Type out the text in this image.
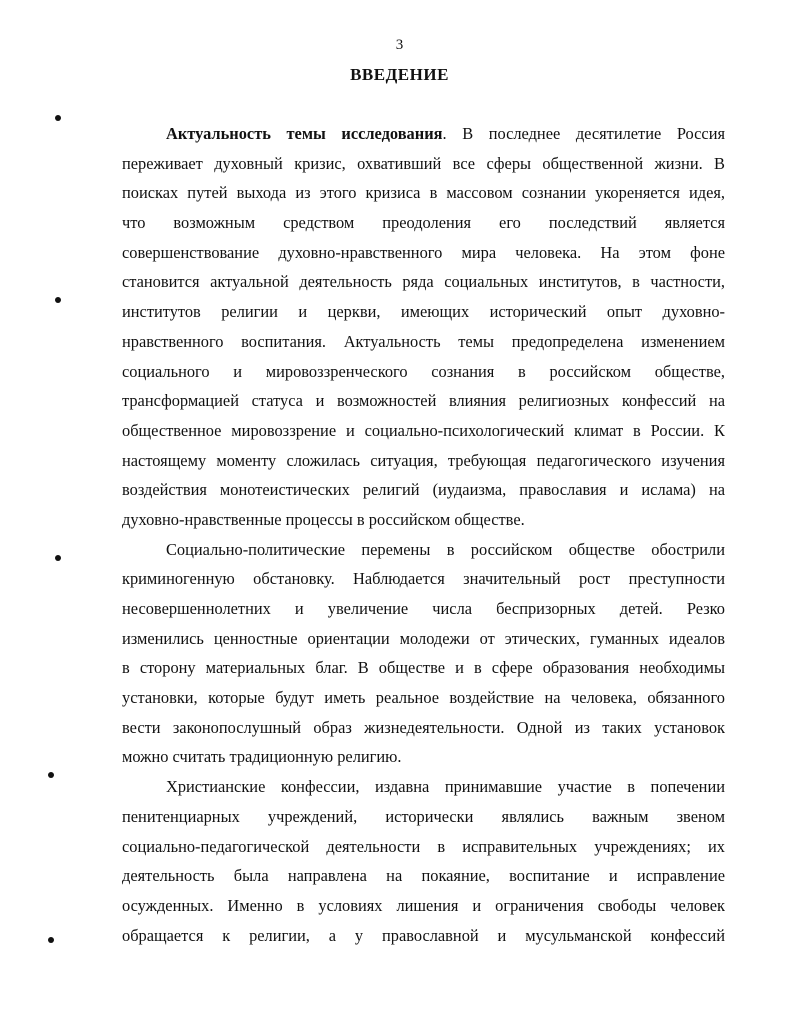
3
ВВЕДЕНИЕ
Актуальность темы исследования. В последнее десятилетие Россия
переживает духовный кризис, охвативший все сферы общественной жизни. В
поисках путей выхода из этого кризиса в массовом сознании укореняется идея,
что возможным средством преодоления его последствий является
совершенствование духовно-нравственного мира человека. На этом фоне
становится актуальной деятельность ряда социальных институтов, в частности,
институтов религии и церкви, имеющих исторический опыт духовно-
нравственного воспитания. Актуальность темы предопределена изменением
социального и мировоззренческого сознания в российском обществе,
трансформацией статуса и возможностей влияния религиозных конфессий на
общественное мировоззрение и социально-психологический климат в России. К
настоящему моменту сложилась ситуация, требующая педагогического изучения
воздействия монотеистических религий (иудаизма, православия и ислама) на
духовно-нравственные процессы в российском обществе.
Социально-политические перемены в российском обществе обострили
криминогенную обстановку. Наблюдается значительный рост преступности
несовершеннолетних и увеличение числа беспризорных детей. Резко
изменились ценностные ориентации молодежи от этических, гуманных идеалов
в сторону материальных благ. В обществе и в сфере образования необходимы
установки, которые будут иметь реальное воздействие на человека, обязанного
вести законопослушный образ жизнедеятельности. Одной из таких установок
можно считать традиционную религию.
Христианские конфессии, издавна принимавшие участие в попечении
пенитенциарных учреждений, исторически являлись важным звеном
социально-педагогической деятельности в исправительных учреждениях; их
деятельность была направлена на покаяние, воспитание и исправление
осужденных. Именно в условиях лишения и ограничения свободы человек
обращается к религии, а у православной и мусульманской конфессий
